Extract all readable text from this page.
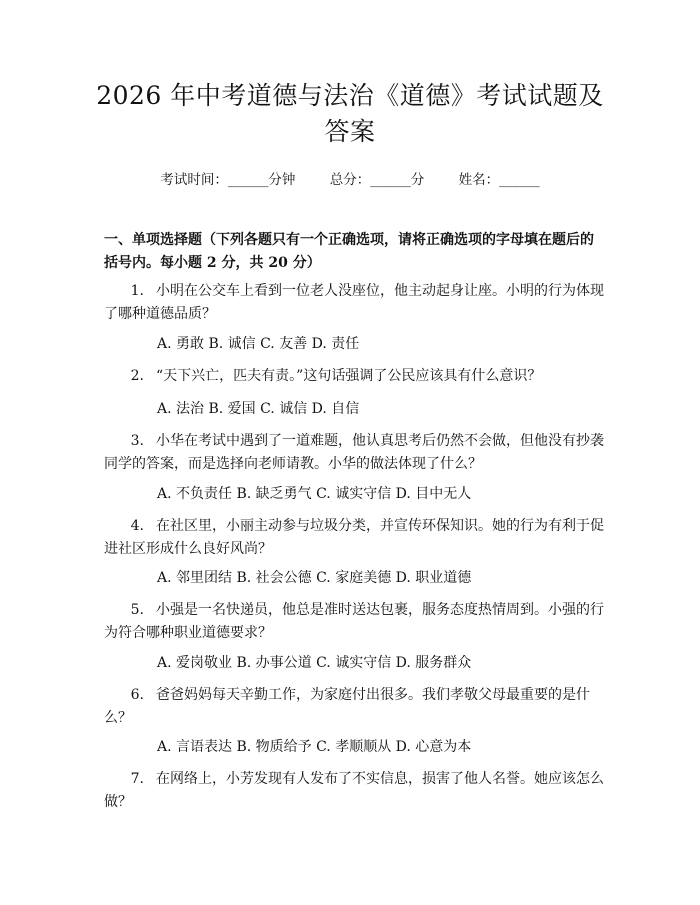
2026 年中考道德与法治《道德》考试试题及
答案
考试时间：______分钟	总分：______分	姓名：______
一、单项选择题（下列各题只有一个正确选项，请将正确选项的字母填在题后的
括号内。每小题 2 分，共 20 分）
1. 小明在公交车上看到一位老人没座位，他主动起身让座。小明的行为体现
了哪种道德品质？
A. 勇敢 B. 诚信 C. 友善 D. 责任
2. “天下兴亡，匹夫有责。”这句话强调了公民应该具有什么意识？
A. 法治 B. 爱国 C. 诚信 D. 自信
3. 小华在考试中遇到了一道难题，他认真思考后仍然不会做，但他没有抄袭
同学的答案，而是选择向老师请教。小华的做法体现了什么？
A. 不负责任 B. 缺乏勇气 C. 诚实守信 D. 目中无人
4. 在社区里，小丽主动参与垃圾分类，并宣传环保知识。她的行为有利于促
进社区形成什么良好风尚？
A. 邻里团结 B. 社会公德 C. 家庭美德 D. 职业道德
5. 小强是一名快递员，他总是准时送达包裹，服务态度热情周到。小强的行
为符合哪种职业道德要求？
A. 爱岗敬业 B. 办事公道 C. 诚实守信 D. 服务群众
6. 爸爸妈妈每天辛勤工作，为家庭付出很多。我们孝敬父母最重要的是什
么？
A. 言语表达 B. 物质给予 C. 孝顺顺从 D. 心意为本
7. 在网络上，小芳发现有人发布了不实信息，损害了他人名誉。她应该怎么
做？
